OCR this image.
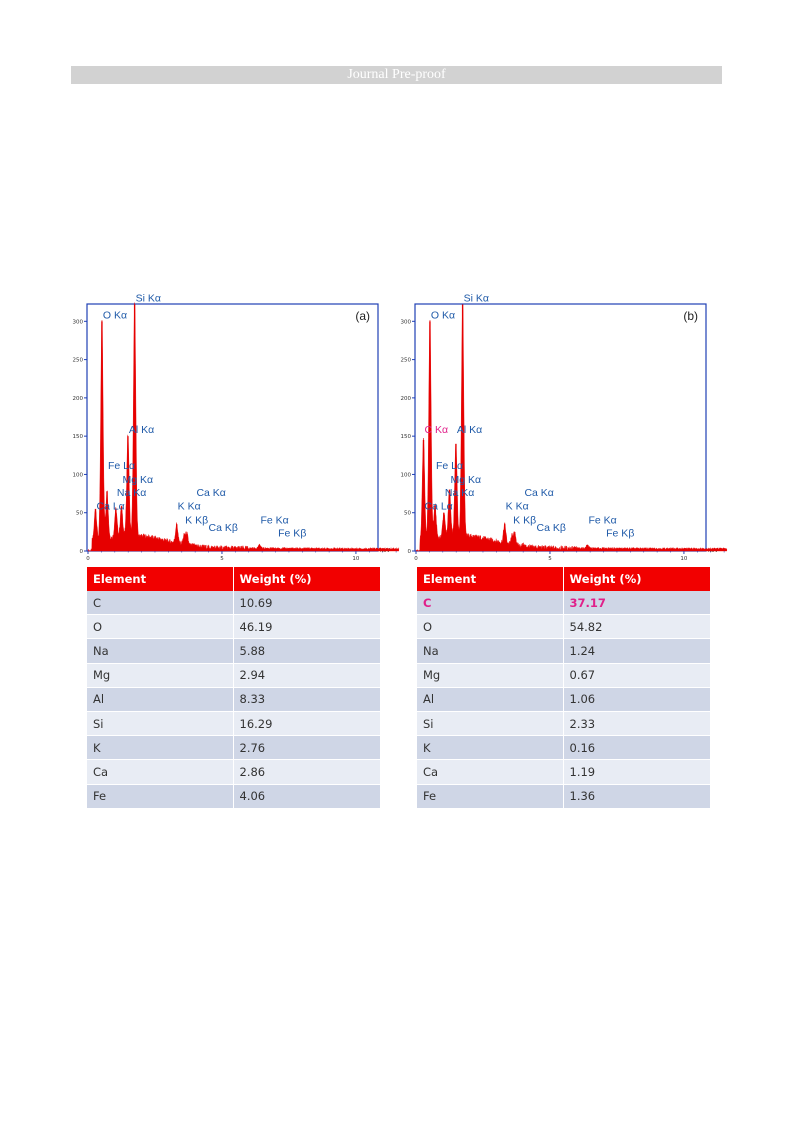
Journal Pre-proof
0
50
100
150
200
250
300
0	5	10
O Kα
Si Kα
Al Kα
Fe Lα
Mg Kα
Na Kα
Ca Lα	K Kα
K Kβ
Ca Kα
Ca Kβ
Fe Kα
Fe Kβ
(a)
0
50
100
150
200
250
300
0	5	10
O Kα
Si Kα
C Kα Al Kα
Fe Lα
Mg Kα
Na Kα
Ca Lα	K Kα
K Kβ
Ca Kα
Ca Kβ
Fe Kα
Fe Kβ
(b)
Element	Weight (%)
C	10.69
O	46.19
Na	5.88
Mg	2.94
Al	8.33
Si	16.29
K	2.76
Ca	2.86
Fe	4.06
Element	Weight (%)
C	37.17
O	54.82
Na	1.24
Mg	0.67
Al	1.06
Si	2.33
K	0.16
Ca	1.19
Fe	1.36
